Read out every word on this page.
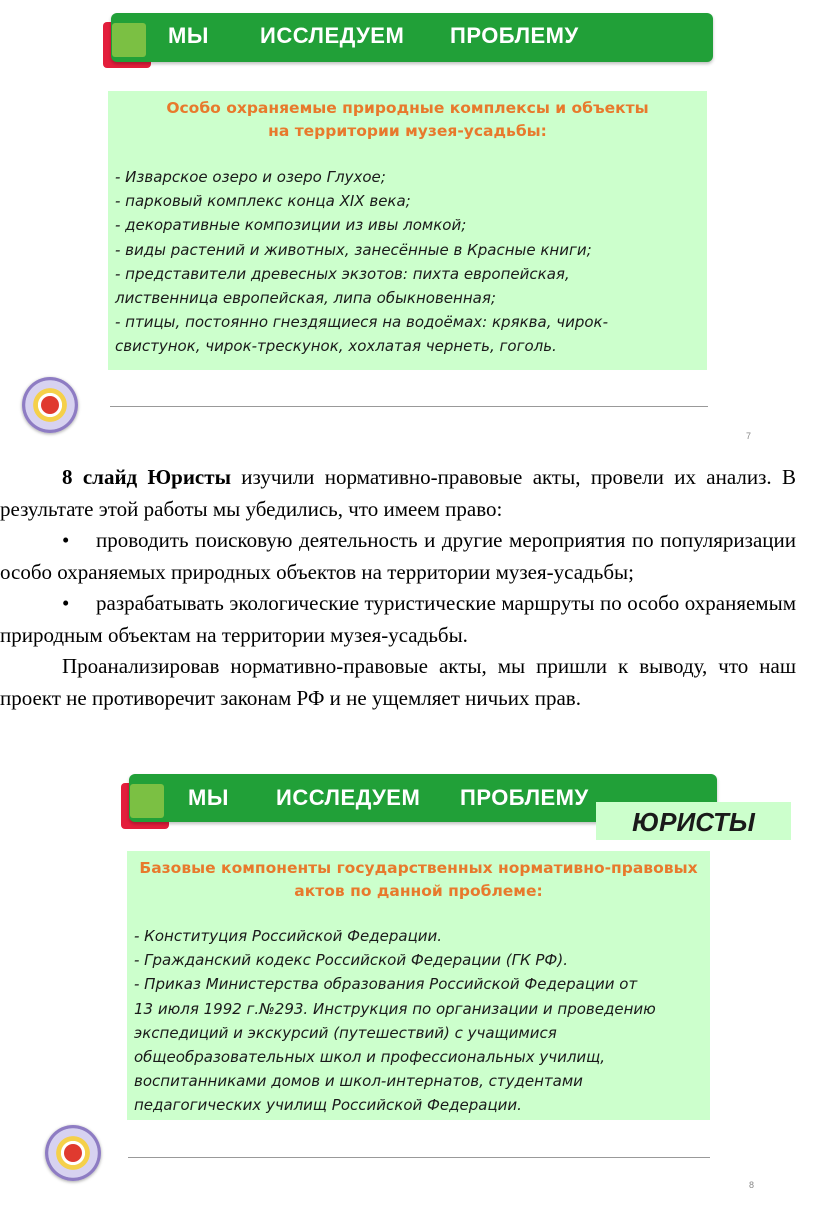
МЫ ИССЛЕДУЕМ ПРОБЛЕМУ

Особо охраняемые природные комплексы и объекты

на территории музея-усадьбы:

- Изварское озеро и озеро Глухое;
- парковый комплекс конца XIX века;
- декоративные композиции из ивы ломкой;
- виды растений и животных, занесённые в Красные книги;
- представители древесных экзотов: пихта европейская,
лиственница европейская, липа обыкновенная;
- птицы, постоянно гнездящиеся на водоёмах: кряква, чирок-
свистунок, чирок-трескунок, хохлатая чернеть, гоголь.
7

8 слайд Юристы изучили нормативно-правовые акты, провели их анализ. В результате этой работы мы убедились, что имеем право:

• проводить поисковую деятельность и другие мероприятия по популяризации особо охраняемых природных объектов на территории музея-усадьбы;

• разрабатывать экологические туристические маршруты по особо охраняемым природным объектам на территории музея-усадьбы.

Проанализировав нормативно-правовые акты, мы пришли к выводу, что наш проект не противоречит законам РФ и не ущемляет ничьих прав.

МЫ ИССЛЕДУЕМ ПРОБЛЕМУ
ЮРИСТЫ

Базовые компоненты государственных нормативно-правовых

актов по данной проблеме:

- Конституция Российской Федерации.
- Гражданский кодекс Российской Федерации (ГК РФ).
- Приказ Министерства образования Российской Федерации от
13 июля 1992 г.№293. Инструкция по организации и проведению
экспедиций и экскурсий (путешествий) с учащимися
общеобразовательных школ и профессиональных училищ,
воспитанниками домов и школ-интернатов, студентами
педагогических училищ Российской Федерации.
8
